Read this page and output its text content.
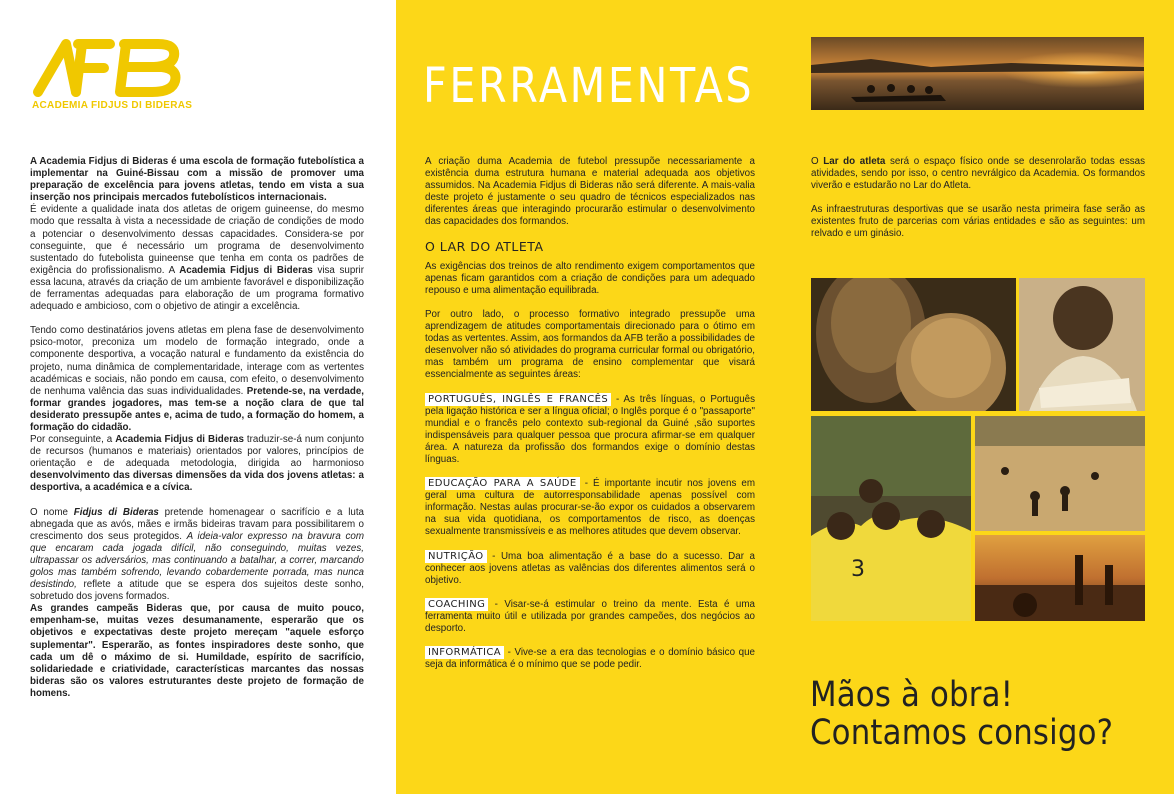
ACADEMIA FIDJUS DI BIDERAS

A Academia Fidjus di Bideras é uma escola de formação futebolística a implementar na Guiné-Bissau com a missão de promover uma preparação de excelência para jovens atletas, tendo em vista a sua inserção nos principais mercados futebolísticos internacionais.

É evidente a qualidade inata dos atletas de origem guineense, do mesmo modo que ressalta à vista a necessidade de criação de condições de modo a potenciar o desenvolvimento dessas capacidades. Considera-se por conseguinte, que é necessário um programa de desenvolvimento sustentado do futebolista guineense que tenha em conta os padrões de exigência do profissionalismo. A Academia Fidjus di Bideras visa suprir essa lacuna, através da criação de um ambiente favorável e disponibilização de ferramentas adequadas para elaboração de um programa formativo adequado e ambicioso, com o objetivo de atingir a excelência.

Tendo como destinatários jovens atletas em plena fase de desenvolvimento psico-motor, preconiza um modelo de formação integrado, onde a componente desportiva, a vocação natural e fundamento da existência do projeto, numa dinâmica de complementaridade, interage com as vertentes académicas e sociais, não pondo em causa, com efeito, o desenvolvimento de nenhuma valência das suas individualidades. Pretende-se, na verdade, formar grandes jogadores, mas tem-se a noção clara de que tal desiderato pressupõe antes e, acima de tudo, a formação do homem, a formação do cidadão.

Por conseguinte, a Academia Fidjus di Bideras traduzir-se-á num conjunto de recursos (humanos e materiais) orientados por valores, princípios de orientação e de adequada metodologia, dirigida ao harmonioso desenvolvimento das diversas dimensões da vida dos jovens atletas: a desportiva, a académica e a cívica.

O nome Fidjus di Bideras pretende homenagear o sacrifício e a luta abnegada que as avós, mães e irmãs bideiras travam para possibilitarem o crescimento dos seus protegidos. A ideia-valor expresso na bravura com que encaram cada jogada difícil, não conseguindo, muitas vezes, ultrapassar os adversários, mas continuando a batalhar, a correr, marcando golos mas também sofrendo, levando cobardemente porrada, mas nunca desistindo, reflete a atitude que se espera dos sujeitos deste sonho, sobretudo dos jovens formados.

As grandes campeãs Bideras que, por causa de muito pouco, empenham-se, muitas vezes desumanamente, esperarão que os objetivos e expectativas deste projeto mereçam "aquele esforço suplementar". Esperarão, as fontes inspiradores deste sonho, que cada um dê o máximo de si. Humildade, espírito de sacrifício, solidariedade e criatividade, características marcantes das nossas bideras são os valores estruturantes deste projeto de formação de homens.

FERRAMENTAS

A criação duma Academia de futebol pressupõe necessariamente a existência duma estrutura humana e material adequada aos objetivos assumidos. Na Academia Fidjus di Bideras não será diferente. A mais-valia deste projeto é justamente o seu quadro de técnicos especializados nas diferentes áreas que interagindo procurarão estimular o desenvolvimento das capacidades dos formandos.

O LAR DO ATLETA

As exigências dos treinos de alto rendimento exigem comportamentos que apenas ficam garantidos com a criação de condições para um adequado repouso e uma alimentação equilibrada.

Por outro lado, o processo formativo integrado pressupõe uma aprendizagem de atitudes comportamentais direcionado para o ótimo em todas as vertentes. Assim, aos formandos da AFB terão a possibilidades de desenvolver não só atividades do programa curricular formal ou obrigatório, mas também um programa de ensino complementar que visará essencialmente as seguintes áreas:

PORTUGUÊS, INGLÊS E FRANCÊS - As três línguas, o Português pela ligação histórica e ser a língua oficial; o Inglês porque é o "passaporte" mundial e o francês pelo contexto sub-regional da Guiné ,são suportes indispensáveis para qualquer pessoa que procura afirmar-se em qualquer área. A natureza da profissão dos formandos exige o domínio destas línguas.

EDUCAÇÃO PARA A SAÚDE - É importante incutir nos jovens em geral uma cultura de autorresponsabilidade apenas possível com informação. Nestas aulas procurar-se-ão expor os cuidados a observarem na sua vida quotidiana, os comportamentos de risco, as doenças sexualmente transmissíveis e as melhores atitudes que devem observar.

NUTRIÇÃO - Uma boa alimentação é a base do a sucesso. Dar a conhecer aos jovens atletas as valências dos diferentes alimentos será o objetivo.

COACHING - Visar-se-á estimular o treino da mente. Esta é uma ferramenta muito útil e utilizada por grandes campeões, dos negócios ao desporto.

INFORMÁTICA - Vive-se a era das tecnologias e o domínio básico que seja da informática é o mínimo que se pode pedir.

O Lar do atleta será o espaço físico onde se desenrolarão todas essas atividades, sendo por isso, o centro nevrálgico da Academia. Os formandos viverão e estudarão no Lar do Atleta.

As infraestruturas desportivas que se usarão nesta primeira fase serão as existentes fruto de parcerias com várias entidades e são as seguintes: um relvado e um ginásio.

3
Mãos à obra!
Contamos consigo?
